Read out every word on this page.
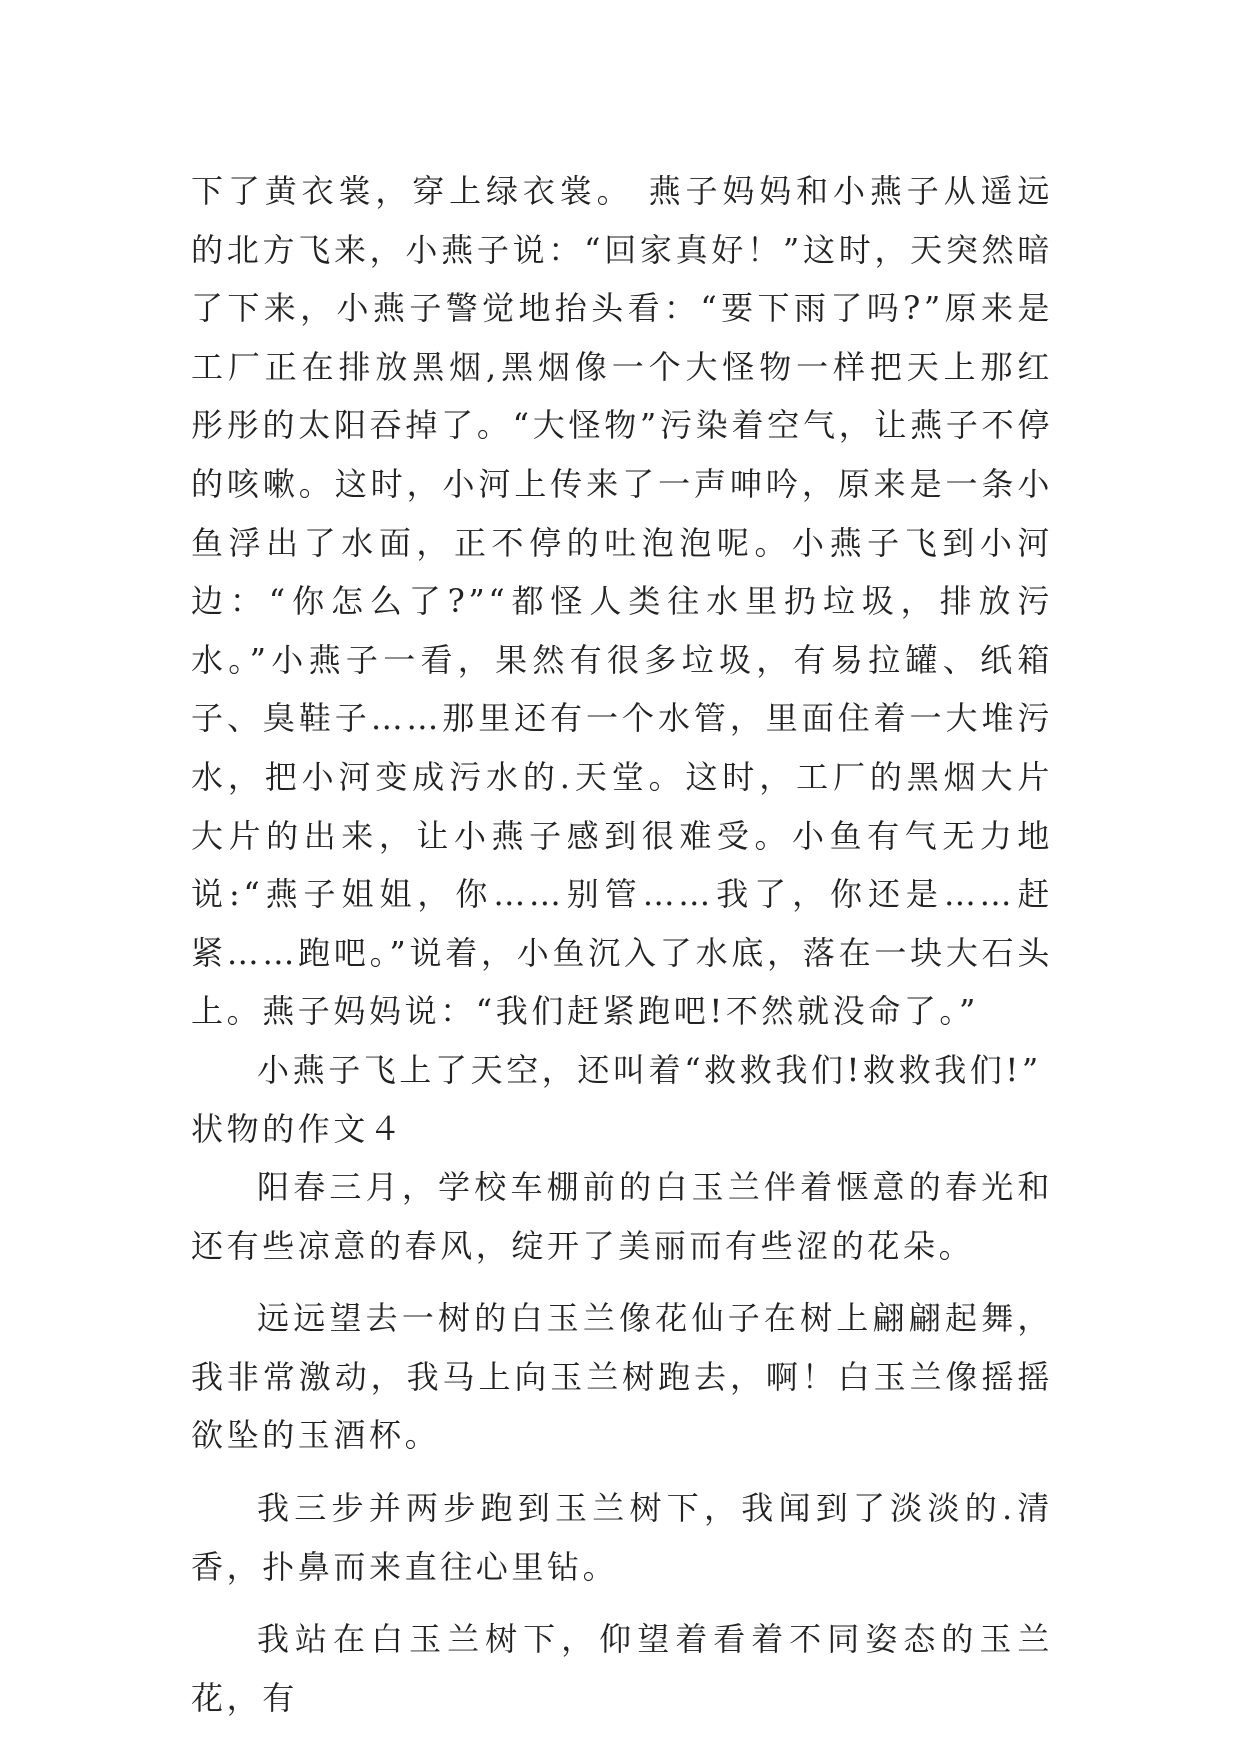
下了黄衣裳，穿上绿衣裳。 燕子妈妈和小燕子从遥远的北方飞来，小燕子说：“回家真好！”这时，天突然暗了下来，小燕子警觉地抬头看：“要下雨了吗?”原来是工厂正在排放黑烟,黑烟像一个大怪物一样把天上那红彤彤的太阳吞掉了。“大怪物”污染着空气，让燕子不停的咳嗽。这时，小河上传来了一声呻吟，原来是一条小鱼浮出了水面，正不停的吐泡泡呢。小燕子飞到小河边：“你怎么了?”“都怪人类往水里扔垃圾，排放污水。”小燕子一看，果然有很多垃圾，有易拉罐、纸箱子、臭鞋子……那里还有一个水管，里面住着一大堆污水，把小河变成污水的.天堂。这时，工厂的黑烟大片大片的出来，让小燕子感到很难受。小鱼有气无力地说:“燕子姐姐，你……别管……我了，你还是……赶紧……跑吧。”说着，小鱼沉入了水底，落在一块大石头上。燕子妈妈说：“我们赶紧跑吧!不然就没命了。”

小燕子飞上了天空，还叫着“救救我们!救救我们!”

状物的作文４

阳春三月，学校车棚前的白玉兰伴着惬意的春光和还有些凉意的春风，绽开了美丽而有些涩的花朵。

远远望去一树的白玉兰像花仙子在树上翩翩起舞，我非常激动，我马上向玉兰树跑去，啊！白玉兰像摇摇欲坠的玉酒杯。

我三步并两步跑到玉兰树下，我闻到了淡淡的.清香，扑鼻而来直往心里钻。

我站在白玉兰树下，仰望着看着不同姿态的玉兰花，有
